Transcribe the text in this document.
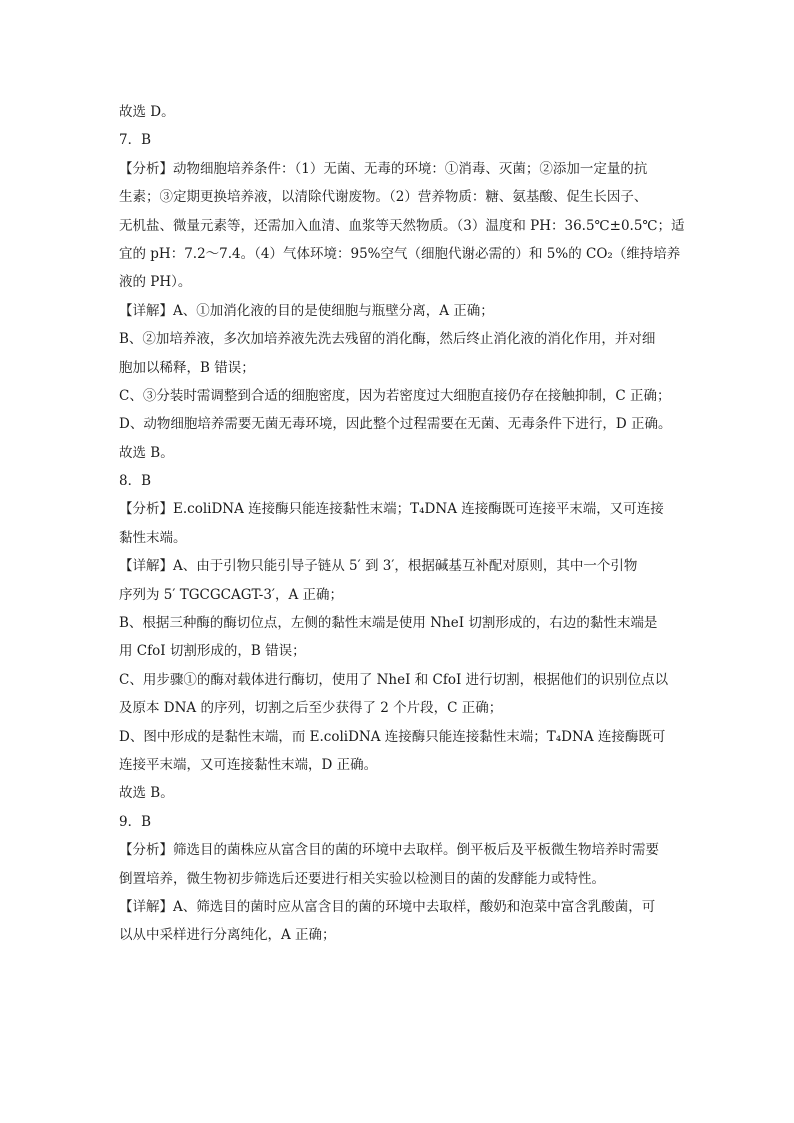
故选 D。
7．B
【分析】动物细胞培养条件：（1）无菌、无毒的环境：①消毒、灭菌；②添加一定量的抗
生素；③定期更换培养液，以清除代谢废物。（2）营养物质：糖、氨基酸、促生长因子、
无机盐、微量元素等，还需加入血清、血浆等天然物质。（3）温度和 PH：36.5℃±0.5℃；适
宜的 pH：7.2～7.4。（4）气体环境：95%空气（细胞代谢必需的）和 5%的 CO₂（维持培养
液的 PH）。
【详解】A、①加消化液的目的是使细胞与瓶壁分离，A 正确；
B、②加培养液，多次加培养液先洗去残留的消化酶，然后终止消化液的消化作用，并对细
胞加以稀释，B 错误；
C、③分装时需调整到合适的细胞密度，因为若密度过大细胞直接仍存在接触抑制，C 正确；
D、动物细胞培养需要无菌无毒环境，因此整个过程需要在无菌、无毒条件下进行，D 正确。
故选 B。
8．B
【分析】E.coliDNA 连接酶只能连接黏性末端；T₄DNA 连接酶既可连接平末端，又可连接
黏性末端。
【详解】A、由于引物只能引导子链从 5′ 到 3′，根据碱基互补配对原则，其中一个引物
序列为 5′ TGCGCAGT-3′，A 正确；
B、根据三种酶的酶切位点，左侧的黏性末端是使用 NheI 切割形成的，右边的黏性末端是
用 CfoI 切割形成的，B 错误；
C、用步骤①的酶对载体进行酶切，使用了 NheI 和 CfoI 进行切割，根据他们的识别位点以
及原本 DNA 的序列，切割之后至少获得了 2 个片段，C 正确；
D、图中形成的是黏性末端，而 E.coliDNA 连接酶只能连接黏性末端；T₄DNA 连接酶既可
连接平末端，又可连接黏性末端，D 正确。
故选 B。
9．B
【分析】筛选目的菌株应从富含目的菌的环境中去取样。倒平板后及平板微生物培养时需要
倒置培养，微生物初步筛选后还要进行相关实验以检测目的菌的发酵能力或特性。
【详解】A、筛选目的菌时应从富含目的菌的环境中去取样，酸奶和泡菜中富含乳酸菌，可
以从中采样进行分离纯化，A 正确；
